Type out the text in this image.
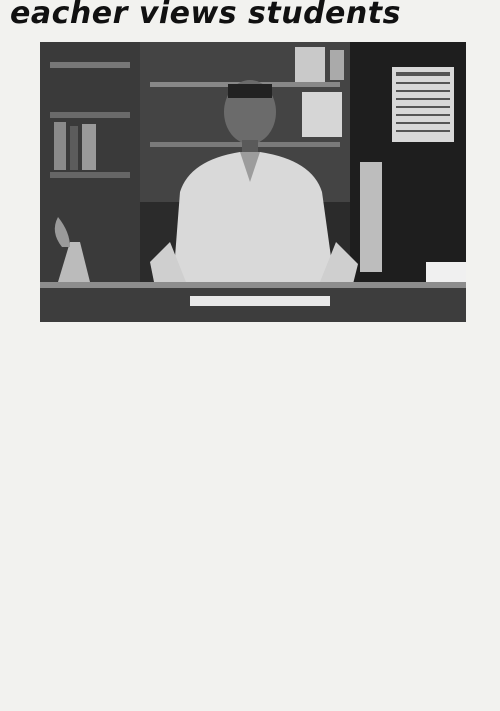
eacher views students
